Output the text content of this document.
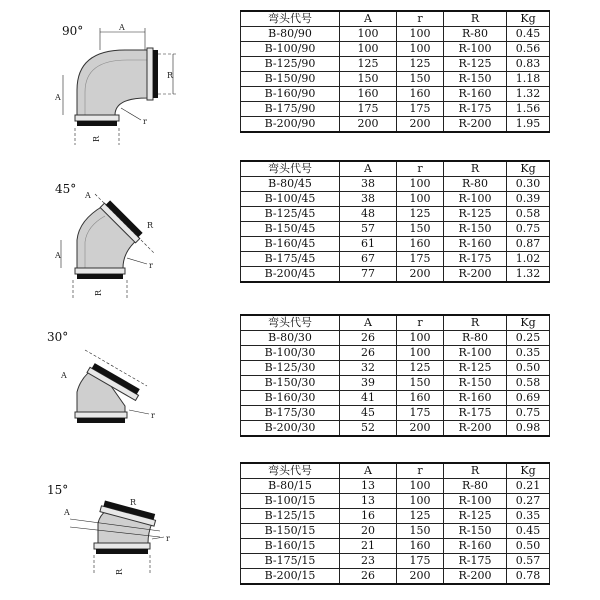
90°	A
R
R
A
r
弯头代号	A	r	R	Kg
B-80/90	100	100	R-80	0.45
B-100/90	100	100	R-100	0.56
B-125/90	125	125	R-125	0.83
B-150/90	150	150	R-150	1.18
B-160/90	160	160	R-160	1.32
B-175/90	175	175	R-175	1.56
B-200/90	200	200	R-200	1.95
45°
R
A
R
A
r
弯头代号	A	r	R	Kg
B-80/45	38	100	R-80	0.30
B-100/45	38	100	R-100	0.39
B-125/45	48	125	R-125	0.58
B-150/45	57	150	R-150	0.75
B-160/45	61	160	R-160	0.87
B-175/45	67	175	R-175	1.02
B-200/45	77	200	R-200	1.32
30°
A
r
弯头代号	A	r	R	Kg
B-80/30	26	100	R-80	0.25
B-100/30	26	100	R-100	0.35
B-125/30	32	125	R-125	0.50
B-150/30	39	150	R-150	0.58
B-160/30	41	160	R-160	0.69
B-175/30	45	175	R-175	0.75
B-200/30	52	200	R-200	0.98
15°
A
R
R
r
弯头代号	A	r	R	Kg
B-80/15	13	100	R-80	0.21
B-100/15	13	100	R-100	0.27
B-125/15	16	125	R-125	0.35
B-150/15	20	150	R-150	0.45
B-160/15	21	160	R-160	0.50
B-175/15	23	175	R-175	0.57
B-200/15	26	200	R-200	0.78
